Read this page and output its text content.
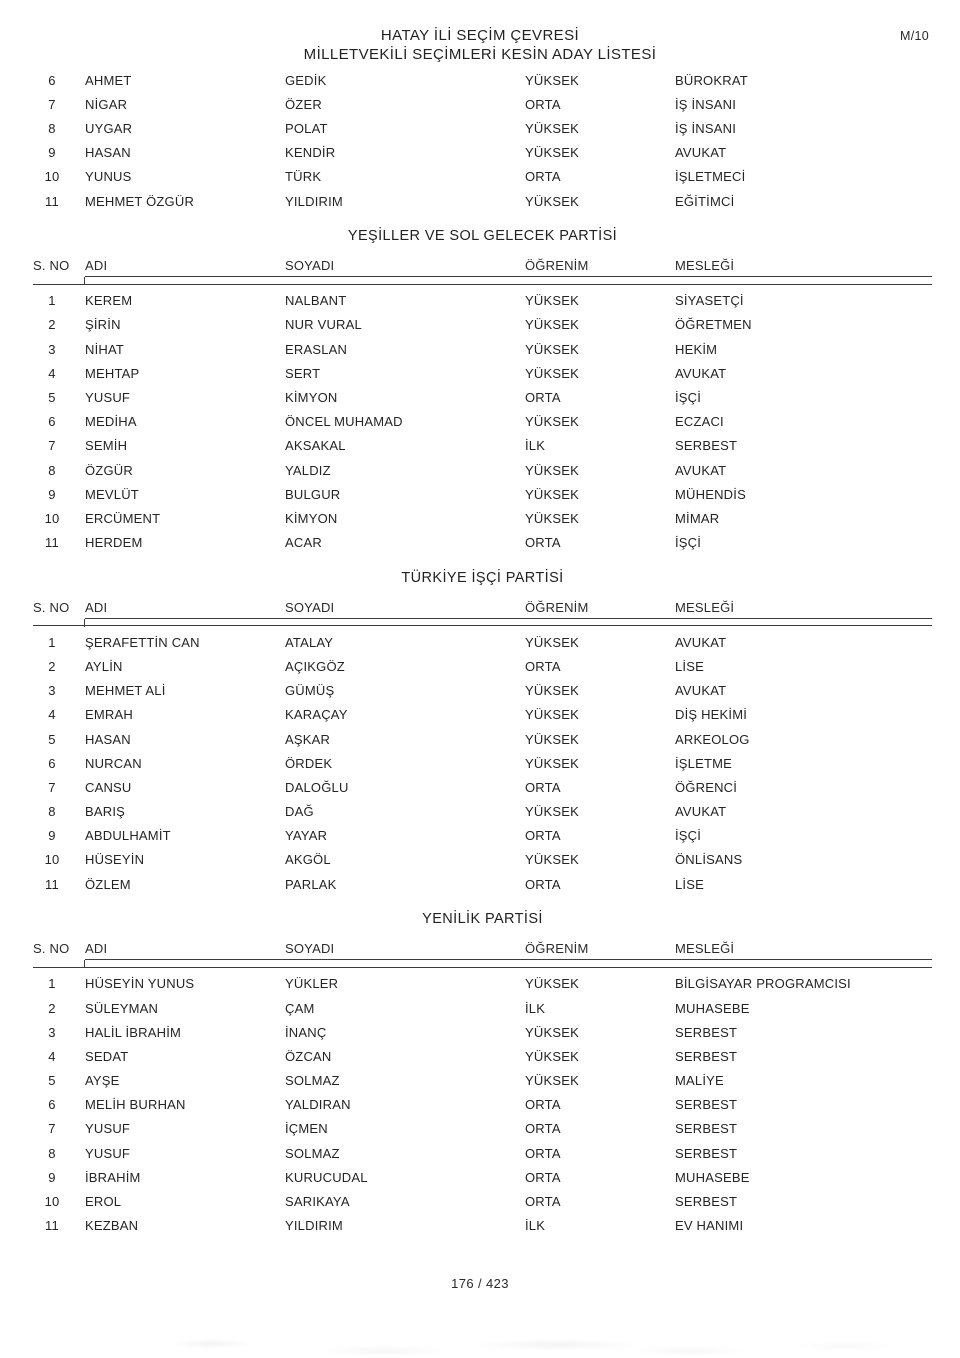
M/10
HATAY İLİ SEÇİM ÇEVRESİ
MİLLETVEKİLİ SEÇİMLERİ KESİN ADAY LİSTESİ
6	AHMET	GEDİK	YÜKSEK	BÜROKRAT
7	NİGAR	ÖZER	ORTA	İŞ İNSANI
8	UYGAR	POLAT	YÜKSEK	İŞ İNSANI
9	HASAN	KENDİR	YÜKSEK	AVUKAT
10	YUNUS	TÜRK	ORTA	İŞLETMECİ
11	MEHMET ÖZGÜR	YILDIRIM	YÜKSEK	EĞİTİMCİ
YEŞİLLER VE SOL GELECEK PARTİSİ
S. NO	ADI	SOYADI	ÖĞRENİM	MESLEĞİ
1	KEREM	NALBANT	YÜKSEK	SİYASETÇİ
2	ŞİRİN	NUR VURAL	YÜKSEK	ÖĞRETMEN
3	NİHAT	ERASLAN	YÜKSEK	HEKİM
4	MEHTAP	SERT	YÜKSEK	AVUKAT
5	YUSUF	KİMYON	ORTA	İŞÇİ
6	MEDİHA	ÖNCEL MUHAMAD	YÜKSEK	ECZACI
7	SEMİH	AKSAKAL	İLK	SERBEST
8	ÖZGÜR	YALDIZ	YÜKSEK	AVUKAT
9	MEVLÜT	BULGUR	YÜKSEK	MÜHENDİS
10	ERCÜMENT	KİMYON	YÜKSEK	MİMAR
11	HERDEM	ACAR	ORTA	İŞÇİ
TÜRKİYE İŞÇİ PARTİSİ
S. NO	ADI	SOYADI	ÖĞRENİM	MESLEĞİ
1	ŞERAFETTİN CAN	ATALAY	YÜKSEK	AVUKAT
2	AYLİN	AÇIKGÖZ	ORTA	LİSE
3	MEHMET ALİ	GÜMÜŞ	YÜKSEK	AVUKAT
4	EMRAH	KARAÇAY	YÜKSEK	DİŞ HEKİMİ
5	HASAN	AŞKAR	YÜKSEK	ARKEOLOG
6	NURCAN	ÖRDEK	YÜKSEK	İŞLETME
7	CANSU	DALOĞLU	ORTA	ÖĞRENCİ
8	BARIŞ	DAĞ	YÜKSEK	AVUKAT
9	ABDULHAMİT	YAYAR	ORTA	İŞÇİ
10	HÜSEYİN	AKGÖL	YÜKSEK	ÖNLİSANS
11	ÖZLEM	PARLAK	ORTA	LİSE
YENİLİK PARTİSİ
S. NO	ADI	SOYADI	ÖĞRENİM	MESLEĞİ
1	HÜSEYİN YUNUS	YÜKLER	YÜKSEK	BİLGİSAYAR PROGRAMCISI
2	SÜLEYMAN	ÇAM	İLK	MUHASEBE
3	HALİL İBRAHİM	İNANÇ	YÜKSEK	SERBEST
4	SEDAT	ÖZCAN	YÜKSEK	SERBEST
5	AYŞE	SOLMAZ	YÜKSEK	MALİYE
6	MELİH BURHAN	YALDIRAN	ORTA	SERBEST
7	YUSUF	İÇMEN	ORTA	SERBEST
8	YUSUF	SOLMAZ	ORTA	SERBEST
9	İBRAHİM	KURUCUDAL	ORTA	MUHASEBE
10	EROL	SARIKAYA	ORTA	SERBEST
11	KEZBAN	YILDIRIM	İLK	EV HANIMI
176 / 423
